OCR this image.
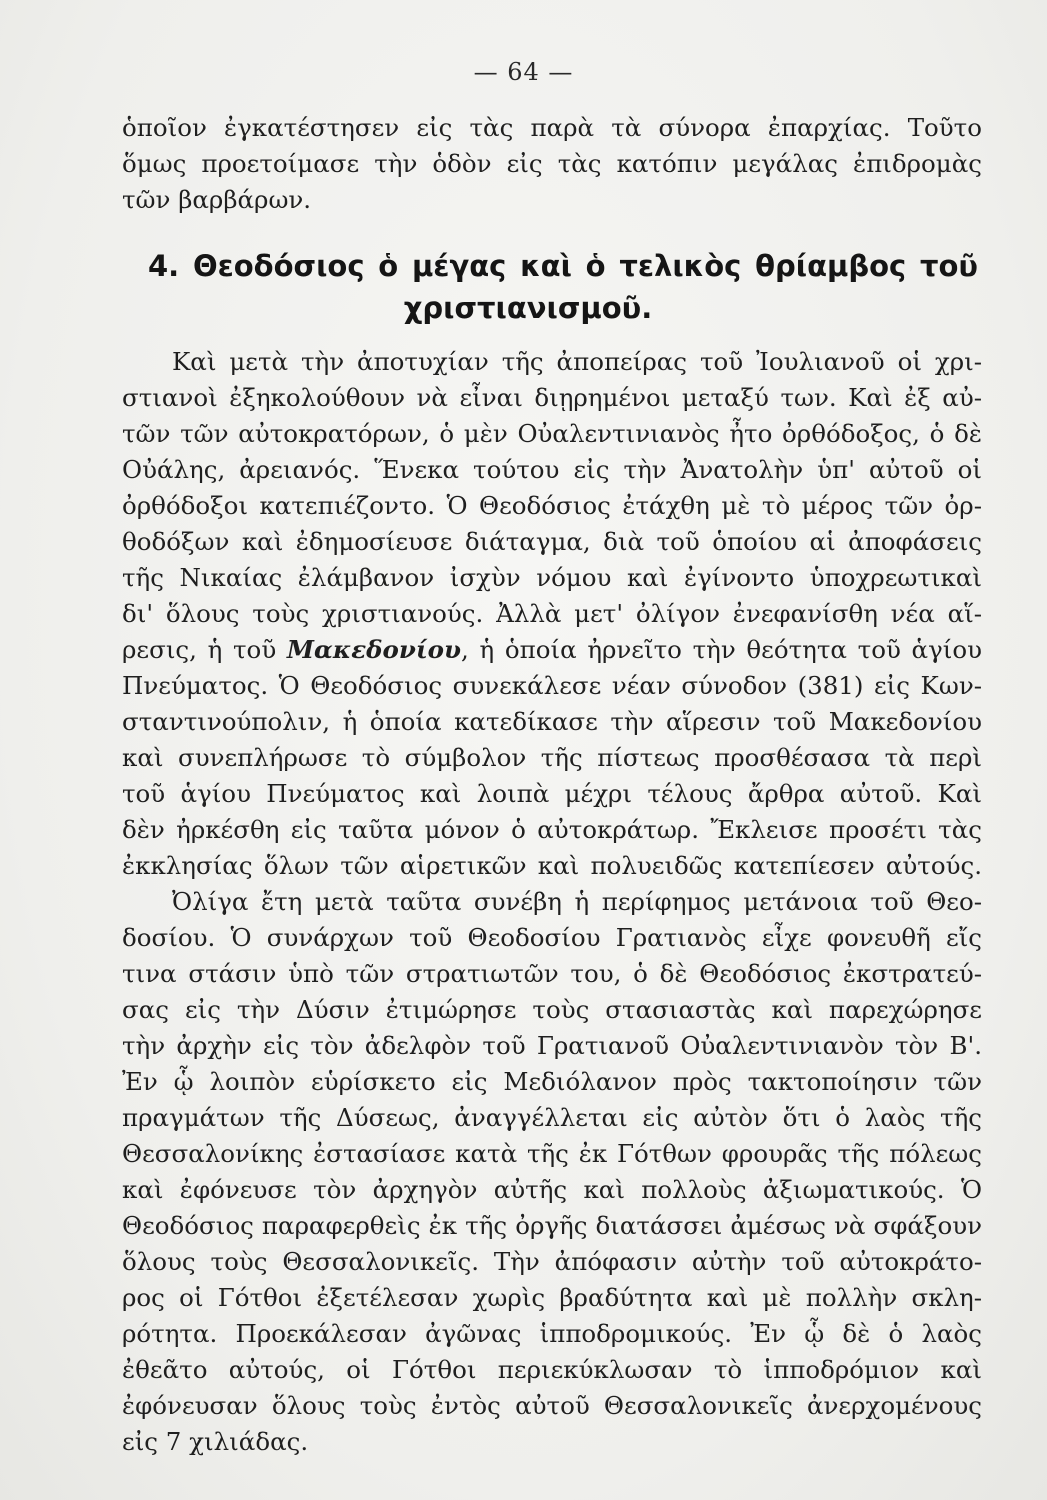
— 64 —
ὁποῖον ἐγκατέστησεν εἰς τὰς παρὰ τὰ σύνορα ἐπαρχίας. Τοῦτο
ὅμως προετοίμασε τὴν ὁδὸν εἰς τὰς κατόπιν μεγάλας ἐπιδρομὰς
τῶν βαρβάρων.
4. Θεοδόσιος ὁ μέγας καὶ ὁ τελικὸς θρίαμβος τοῦ
χριστιανισμοῦ.
Καὶ μετὰ τὴν ἀποτυχίαν τῆς ἀποπείρας τοῦ Ἰουλιανοῦ οἱ χρι-
στιανοὶ ἐξηκολούθουν νὰ εἶναι διῃρημένοι μεταξύ των. Καὶ ἐξ αὐ-
τῶν τῶν αὐτοκρατόρων, ὁ μὲν Οὐαλεντινιανὸς ἦτο ὀρθόδοξος, ὁ δὲ
Οὐάλης, ἀρειανός. Ἕνεκα τούτου εἰς τὴν Ἀνατολὴν ὑπ' αὐτοῦ οἱ
ὀρθόδοξοι κατεπιέζοντο. Ὁ Θεοδόσιος ἐτάχθη μὲ τὸ μέρος τῶν ὀρ-
θοδόξων καὶ ἐδημοσίευσε διάταγμα, διὰ τοῦ ὁποίου αἱ ἀποφάσεις
τῆς Νικαίας ἐλάμβανον ἰσχὺν νόμου καὶ ἐγίνοντο ὑποχρεωτικαὶ
δι' ὅλους τοὺς χριστιανούς. Ἀλλὰ μετ' ὀλίγον ἐνεφανίσθη νέα αἵ-
ρεσις, ἡ τοῦ Μακεδονίου, ἡ ὁποία ἠρνεῖτο τὴν θεότητα τοῦ ἁγίου
Πνεύματος. Ὁ Θεοδόσιος συνεκάλεσε νέαν σύνοδον (381) εἰς Κων-
σταντινούπολιν, ἡ ὁποία κατεδίκασε τὴν αἵρεσιν τοῦ Μακεδονίου
καὶ συνεπλήρωσε τὸ σύμβολον τῆς πίστεως προσθέσασα τὰ περὶ
τοῦ ἁγίου Πνεύματος καὶ λοιπὰ μέχρι τέλους ἄρθρα αὐτοῦ. Καὶ
δὲν ἠρκέσθη εἰς ταῦτα μόνον ὁ αὐτοκράτωρ. Ἔκλεισε προσέτι τὰς
ἐκκλησίας ὅλων τῶν αἱρετικῶν καὶ πολυειδῶς κατεπίεσεν αὐτούς.
Ὀλίγα ἔτη μετὰ ταῦτα συνέβη ἡ περίφημος μετάνοια τοῦ Θεο-
δοσίου. Ὁ συνάρχων τοῦ Θεοδοσίου Γρατιανὸς εἶχε φονευθῆ εἴς
τινα στάσιν ὑπὸ τῶν στρατιωτῶν του, ὁ δὲ Θεοδόσιος ἐκστρατεύ-
σας εἰς τὴν Δύσιν ἐτιμώρησε τοὺς στασιαστὰς καὶ παρεχώρησε
τὴν ἀρχὴν εἰς τὸν ἀδελφὸν τοῦ Γρατιανοῦ Οὐαλεντινιανὸν τὸν Β'.
Ἐν ᾧ λοιπὸν εὑρίσκετο εἰς Μεδιόλανον πρὸς τακτοποίησιν τῶν
πραγμάτων τῆς Δύσεως, ἀναγγέλλεται εἰς αὐτὸν ὅτι ὁ λαὸς τῆς
Θεσσαλονίκης ἐστασίασε κατὰ τῆς ἐκ Γότθων φρουρᾶς τῆς πόλεως
καὶ ἐφόνευσε τὸν ἀρχηγὸν αὐτῆς καὶ πολλοὺς ἀξιωματικούς. Ὁ
Θεοδόσιος παραφερθεὶς ἐκ τῆς ὀργῆς διατάσσει ἀμέσως νὰ σφάξουν
ὅλους τοὺς Θεσσαλονικεῖς. Τὴν ἀπόφασιν αὐτὴν τοῦ αὐτοκράτο-
ρος οἱ Γότθοι ἐξετέλεσαν χωρὶς βραδύτητα καὶ μὲ πολλὴν σκλη-
ρότητα. Προεκάλεσαν ἀγῶνας ἱπποδρομικούς. Ἐν ᾧ δὲ ὁ λαὸς
ἐθεᾶτο αὐτούς, οἱ Γότθοι περιεκύκλωσαν τὸ ἱπποδρόμιον καὶ
ἐφόνευσαν ὅλους τοὺς ἐντὸς αὐτοῦ Θεσσαλονικεῖς ἀνερχομένους
εἰς 7 χιλιάδας.
